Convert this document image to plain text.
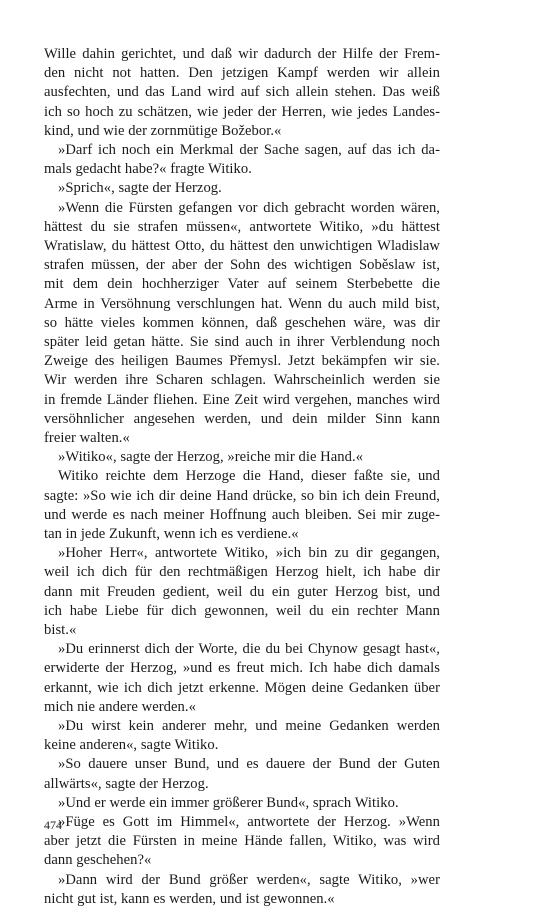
Wille dahin gerichtet, und daß wir dadurch der Hilfe der Frem-
den nicht not hatten. Den jetzigen Kampf werden wir allein
ausfechten, und das Land wird auf sich allein stehen. Das weiß
ich so hoch zu schätzen, wie jeder der Herren, wie jedes Landes-
kind, und wie der zornmütige Božebor.«
»Darf ich noch ein Merkmal der Sache sagen, auf das ich da-
mals gedacht habe?« fragte Witiko.
»Sprich«, sagte der Herzog.
»Wenn die Fürsten gefangen vor dich gebracht worden wären,
hättest du sie strafen müssen«, antwortete Witiko, »du hättest
Wratislaw, du hättest Otto, du hättest den unwichtigen Wladislaw
strafen müssen, der aber der Sohn des wichtigen Soběslaw ist,
mit dem dein hochherziger Vater auf seinem Sterbebette die
Arme in Versöhnung verschlungen hat. Wenn du auch mild bist,
so hätte vieles kommen können, daß geschehen wäre, was dir
später leid getan hätte. Sie sind auch in ihrer Verblendung noch
Zweige des heiligen Baumes Přemysl. Jetzt bekämpfen wir sie.
Wir werden ihre Scharen schlagen. Wahrscheinlich werden sie
in fremde Länder fliehen. Eine Zeit wird vergehen, manches wird
versöhnlicher angesehen werden, und dein milder Sinn kann
freier walten.«
»Witiko«, sagte der Herzog, »reiche mir die Hand.«
Witiko reichte dem Herzoge die Hand, dieser faßte sie, und
sagte: »So wie ich dir deine Hand drücke, so bin ich dein Freund,
und werde es nach meiner Hoffnung auch bleiben. Sei mir zuge-
tan in jede Zukunft, wenn ich es verdiene.«
»Hoher Herr«, antwortete Witiko, »ich bin zu dir gegangen,
weil ich dich für den rechtmäßigen Herzog hielt, ich habe dir
dann mit Freuden gedient, weil du ein guter Herzog bist, und
ich habe Liebe für dich gewonnen, weil du ein rechter Mann
bist.«
»Du erinnerst dich der Worte, die du bei Chynow gesagt hast«,
erwiderte der Herzog, »und es freut mich. Ich habe dich damals
erkannt, wie ich dich jetzt erkenne. Mögen deine Gedanken über
mich nie andere werden.«
»Du wirst kein anderer mehr, und meine Gedanken werden
keine anderen«, sagte Witiko.
»So dauere unser Bund, und es dauere der Bund der Guten
allwärts«, sagte der Herzog.
»Und er werde ein immer größerer Bund«, sprach Witiko.
»Füge es Gott im Himmel«, antwortete der Herzog. »Wenn
aber jetzt die Fürsten in meine Hände fallen, Witiko, was wird
dann geschehen?«
»Dann wird der Bund größer werden«, sagte Witiko, »wer
nicht gut ist, kann es werden, und ist gewonnen.«
474
